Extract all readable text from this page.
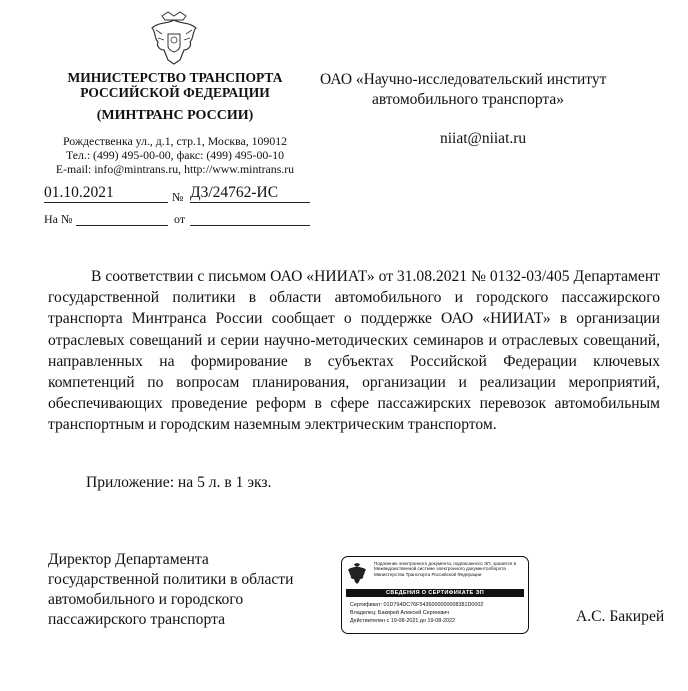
МИНИСТЕРСТВО ТРАНСПОРТА
РОССИЙСКОЙ ФЕДЕРАЦИИ
(МИНТРАНС РОССИИ)
Рождественка ул., д.1, стр.1, Москва, 109012
Тел.: (499) 495-00-00, факс: (499) 495-00-10
E-mail: info@mintrans.ru, http://www.mintrans.ru
01.10.2021	№ Д3/24762-ИС
На №	от
ОАО «Научно-исследовательский институт
автомобильного транспорта»
niiat@niiat.ru

В соответствии с письмом ОАО «НИИАТ» от 31.08.2021 № 0132-03/405 Департамент государственной политики в области автомобильного и городского пассажирского транспорта Минтранса России сообщает о поддержке ОАО «НИИАТ» в организации отраслевых совещаний и серии научно-методических семинаров и отраслевых совещаний, направленных на формирование в субъектах Российской Федерации ключевых компетенций по вопросам планирования, организации и реализации мероприятий, обеспечивающих проведение реформ в сфере пассажирских перевозок автомобильным транспортным и городским наземным электрическим транспортом.

Приложение: на 5 л. в 1 экз.
Директор Департамента
государственной политики в области
автомобильного и городского
пассажирского транспорта
Подлинник электронного документа, подписанного ЭП, хранится в Межведомственной системе электронного документооборота Министерства Транспорта Российской Федерации
СВЕДЕНИЯ О СЕРТИФИКАТЕ ЭП
Сертификат: 01D794DC76F5436000000008381D0002
Владелец: Бакирей Алексей Сергеевич
Действителен с 19-08-2021 до 19-08-2022	А.С. Бакирей
